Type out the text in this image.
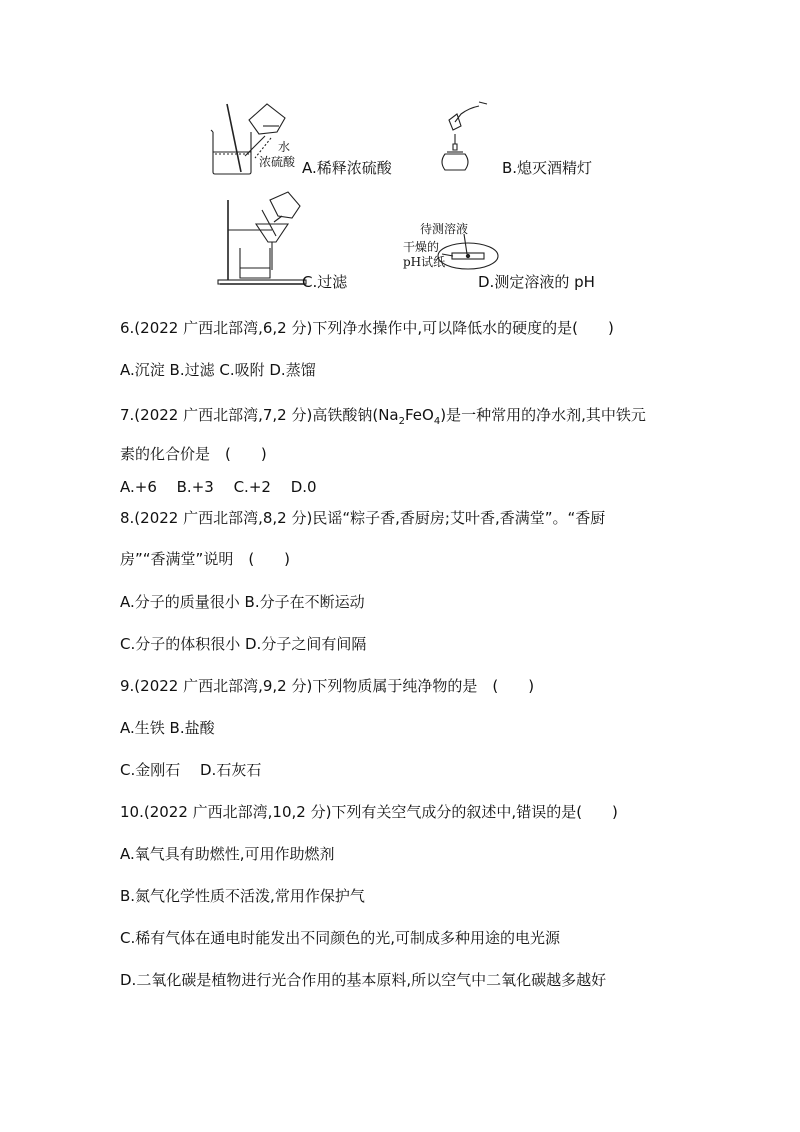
水
浓硫酸 A.稀释浓硫酸	B.熄灭酒精灯
C.过滤
待测溶液
干燥的
pH试纸
D.测定溶液的 pH
6.(2022 广西北部湾,6,2 分)下列净水操作中,可以降低水的硬度的是(　　)
A.沉淀 B.过滤 C.吸附 D.蒸馏
7.(2022 广西北部湾,7,2 分)高铁酸钠$(Na_2FeO_4)$是一种常用的净水剂,其中铁元
素的化合价是　(　　)
A.+6　 B.+3　 C.+2　 D.0
8.(2022 广西北部湾,8,2 分)民谣“粽子香,香厨房;艾叶香,香满堂”。“香厨
房”“香满堂”说明　(　　)
A.分子的质量很小 B.分子在不断运动
C.分子的体积很小 D.分子之间有间隔
9.(2022 广西北部湾,9,2 分)下列物质属于纯净物的是　(　　)
A.生铁 B.盐酸
C.金刚石　 D.石灰石
10.(2022 广西北部湾,10,2 分)下列有关空气成分的叙述中,错误的是(　　)
A.氧气具有助燃性,可用作助燃剂
B.氮气化学性质不活泼,常用作保护气
C.稀有气体在通电时能发出不同颜色的光,可制成多种用途的电光源
D.二氧化碳是植物进行光合作用的基本原料,所以空气中二氧化碳越多越好
